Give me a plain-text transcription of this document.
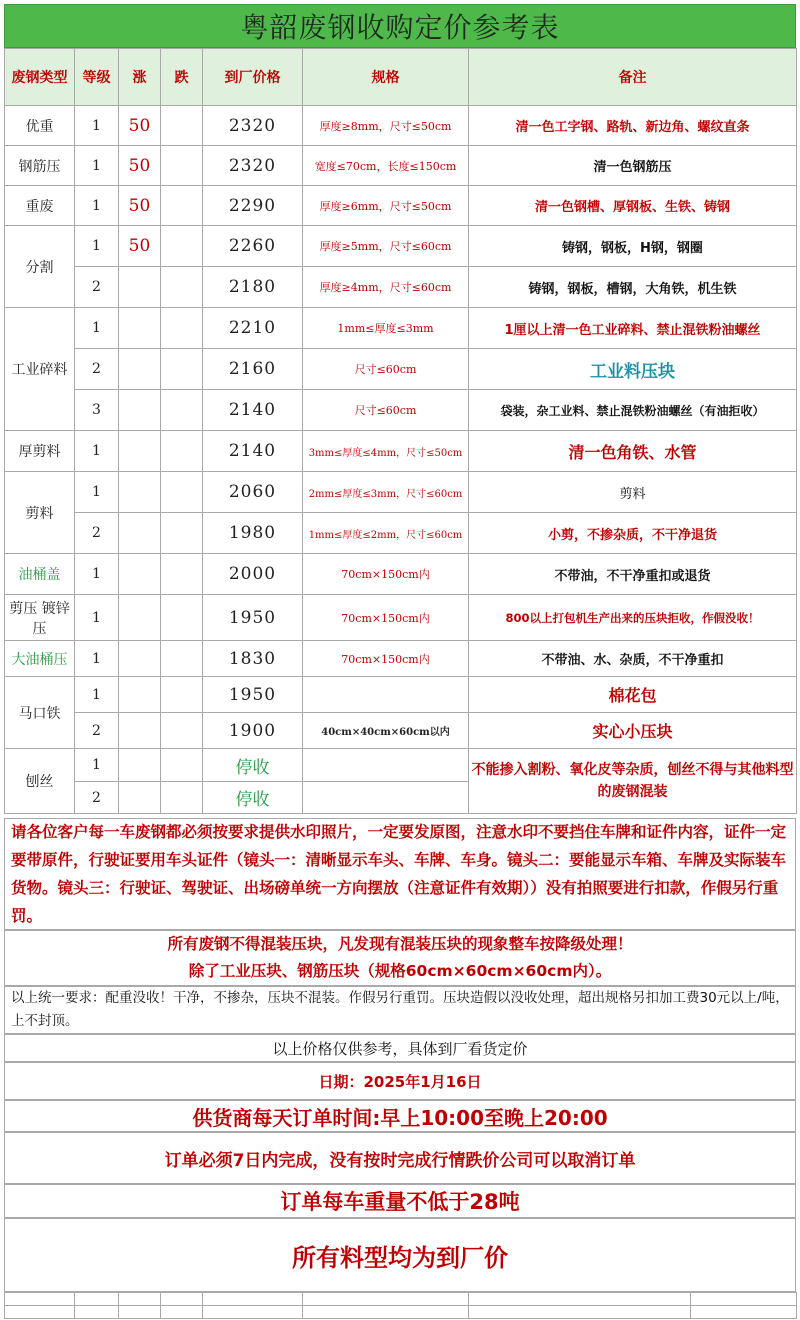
粤韶废钢收购定价参考表
废钢类型	等级	涨	跌	到厂价格	规格	备注
优重	1	50		2320	厚度≥8mm，尺寸≤50cm	清一色工字钢、路轨、新边角、螺纹直条
钢筋压	1	50		2320	宽度≤70cm，长度≤150cm	清一色钢筋压
重废	1	50		2290	厚度≥6mm，尺寸≤50cm	清一色钢槽、厚钢板、生铁、铸钢
分割	1	50		2260	厚度≥5mm，尺寸≤60cm	铸钢，钢板，H钢，钢圈
	2			2180	厚度≥4mm，尺寸≤60cm	铸钢，钢板，槽钢，大角铁，机生铁
工业碎料	1			2210	1mm≤厚度≤3mm	1厘以上清一色工业碎料、禁止混铁粉油螺丝
	2			2160	尺寸≤60cm	工业料压块
	3			2140	尺寸≤60cm	袋装，杂工业料、禁止混铁粉油螺丝（有油拒收）
厚剪料	1			2140	3mm≤厚度≤4mm，尺寸≤50cm	清一色角铁、水管
剪料	1			2060	2mm≤厚度≤3mm，尺寸≤60cm	剪料
	2			1980	1mm≤厚度≤2mm，尺寸≤60cm	小剪，不掺杂质，不干净退货
油桶盖	1			2000	70cm×150cm内	不带油，不干净重扣或退货
剪压 镀锌压	1			1950	70cm×150cm内	800以上打包机生产出来的压块拒收，作假没收！
大油桶压	1			1830	70cm×150cm内	不带油、水、杂质，不干净重扣
马口铁	1			1950		棉花包
	2			1900	40cm×40cm×60cm以内	实心小压块
刨丝	1			停收		不能掺入割粉、氧化皮等杂质，刨丝不得与其他料型的废钢混装
	2			停收		
请各位客户每一车废钢都必须按要求提供水印照片，一定要发原图，注意水印不要挡住车牌和证件内容，证件一定要带原件，行驶证要用车头证件（镜头一：清晰显示车头、车牌、车身。镜头二：要能显示车箱、车牌及实际装车货物。镜头三：行驶证、驾驶证、出场磅单统一方向摆放（注意证件有效期））没有拍照要进行扣款，作假另行重罚。
所有废钢不得混装压块，凡发现有混装压块的现象整车按降级处理！
除了工业压块、钢筋压块（规格60cm×60cm×60cm内）。
以上统一要求：配重没收！干净，不掺杂，压块不混装。作假另行重罚。压块造假以没收处理，超出规格另扣加工费30元以上/吨，上不封顶。
以上价格仅供参考，具体到厂看货定价
日期：2025年1月16日
供货商每天订单时间:早上10:00至晚上20:00
订单必须7日内完成，没有按时完成行情跌价公司可以取消订单
订单每车重量不低于28吨
所有料型均为到厂价
